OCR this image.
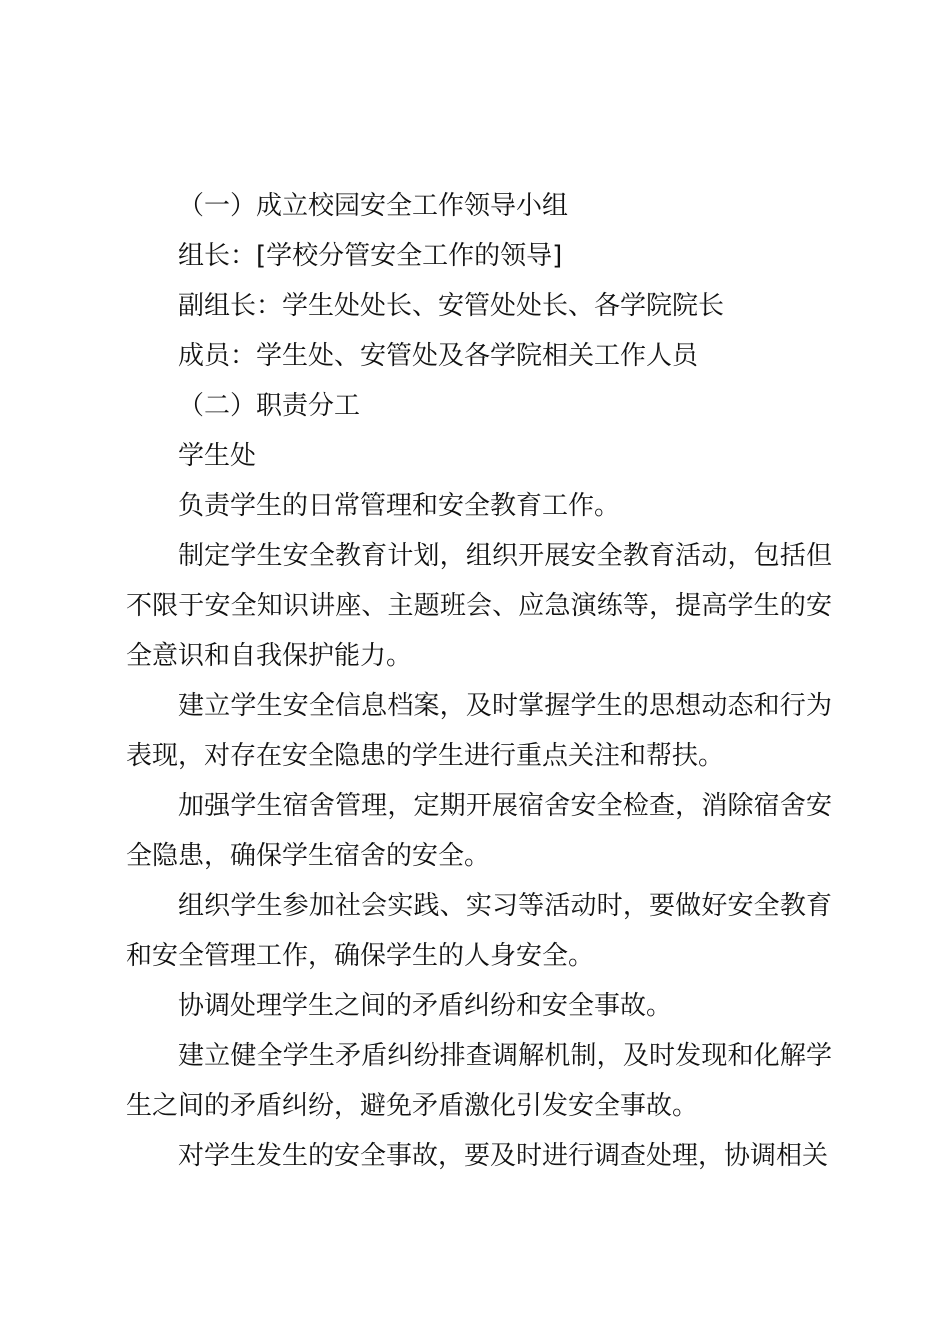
（一）成立校园安全工作领导小组

组长：[学校分管安全工作的领导]

副组长：学生处处长、安管处处长、各学院院长

成员：学生处、安管处及各学院相关工作人员

（二）职责分工

学生处

负责学生的日常管理和安全教育工作。

制定学生安全教育计划，组织开展安全教育活动，包括但不限于安全知识讲座、主题班会、应急演练等，提高学生的安全意识和自我保护能力。

建立学生安全信息档案，及时掌握学生的思想动态和行为表现，对存在安全隐患的学生进行重点关注和帮扶。

加强学生宿舍管理，定期开展宿舍安全检查，消除宿舍安全隐患，确保学生宿舍的安全。

组织学生参加社会实践、实习等活动时，要做好安全教育和安全管理工作，确保学生的人身安全。

协调处理学生之间的矛盾纠纷和安全事故。

建立健全学生矛盾纠纷排查调解机制，及时发现和化解学生之间的矛盾纠纷，避免矛盾激化引发安全事故。

对学生发生的安全事故，要及时进行调查处理，协调相关
